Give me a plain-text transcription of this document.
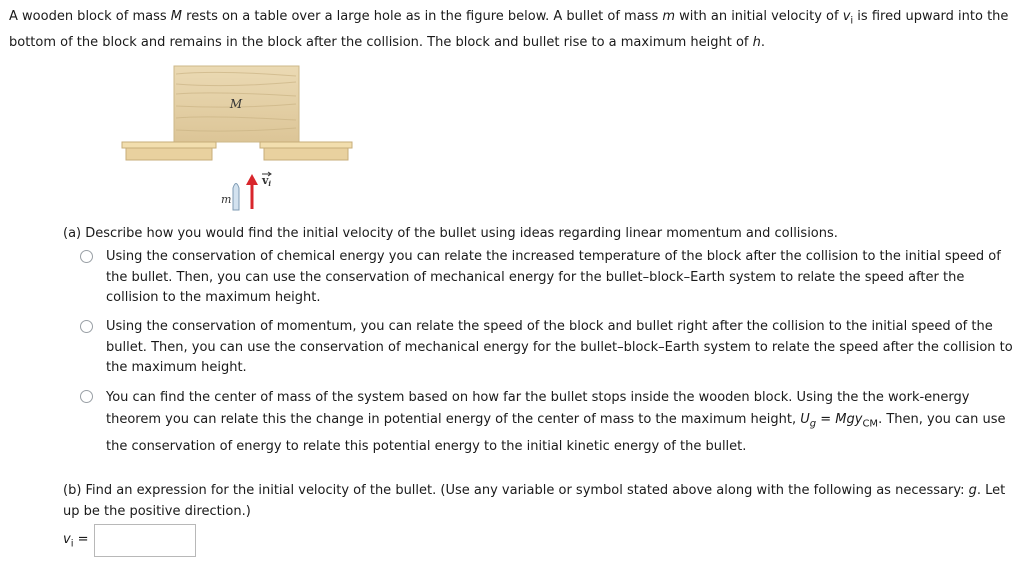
A wooden block of mass M rests on a table over a large hole as in the figure below. A bullet of mass m with an initial velocity of $v_i$ is fired upward into the bottom of the block and remains in the block after the collision. The block and bullet rise to a maximum height of h.
M
m
vi
(a) Describe how you would find the initial velocity of the bullet using ideas regarding linear momentum and collisions.
Using the conservation of chemical energy you can relate the increased temperature of the block after the collision to the initial speed of the bullet. Then, you can use the conservation of mechanical energy for the bullet–block–Earth system to relate the speed after the collision to the maximum height.
Using the conservation of momentum, you can relate the speed of the block and bullet right after the collision to the initial speed of the bullet. Then, you can use the conservation of mechanical energy for the bullet–block–Earth system to relate the speed after the collision to the maximum height.
You can find the center of mass of the system based on how far the bullet stops inside the wooden block. Using the the work-energy theorem you can relate this the change in potential energy of the center of mass to the maximum height, $U_g = Mgy_{CM}$. Then, you can use the conservation of energy to relate this potential energy to the initial kinetic energy of the bullet.
(b) Find an expression for the initial velocity of the bullet. (Use any variable or symbol stated above along with the following as necessary: g. Let up be the positive direction.)
$v_i$ =
